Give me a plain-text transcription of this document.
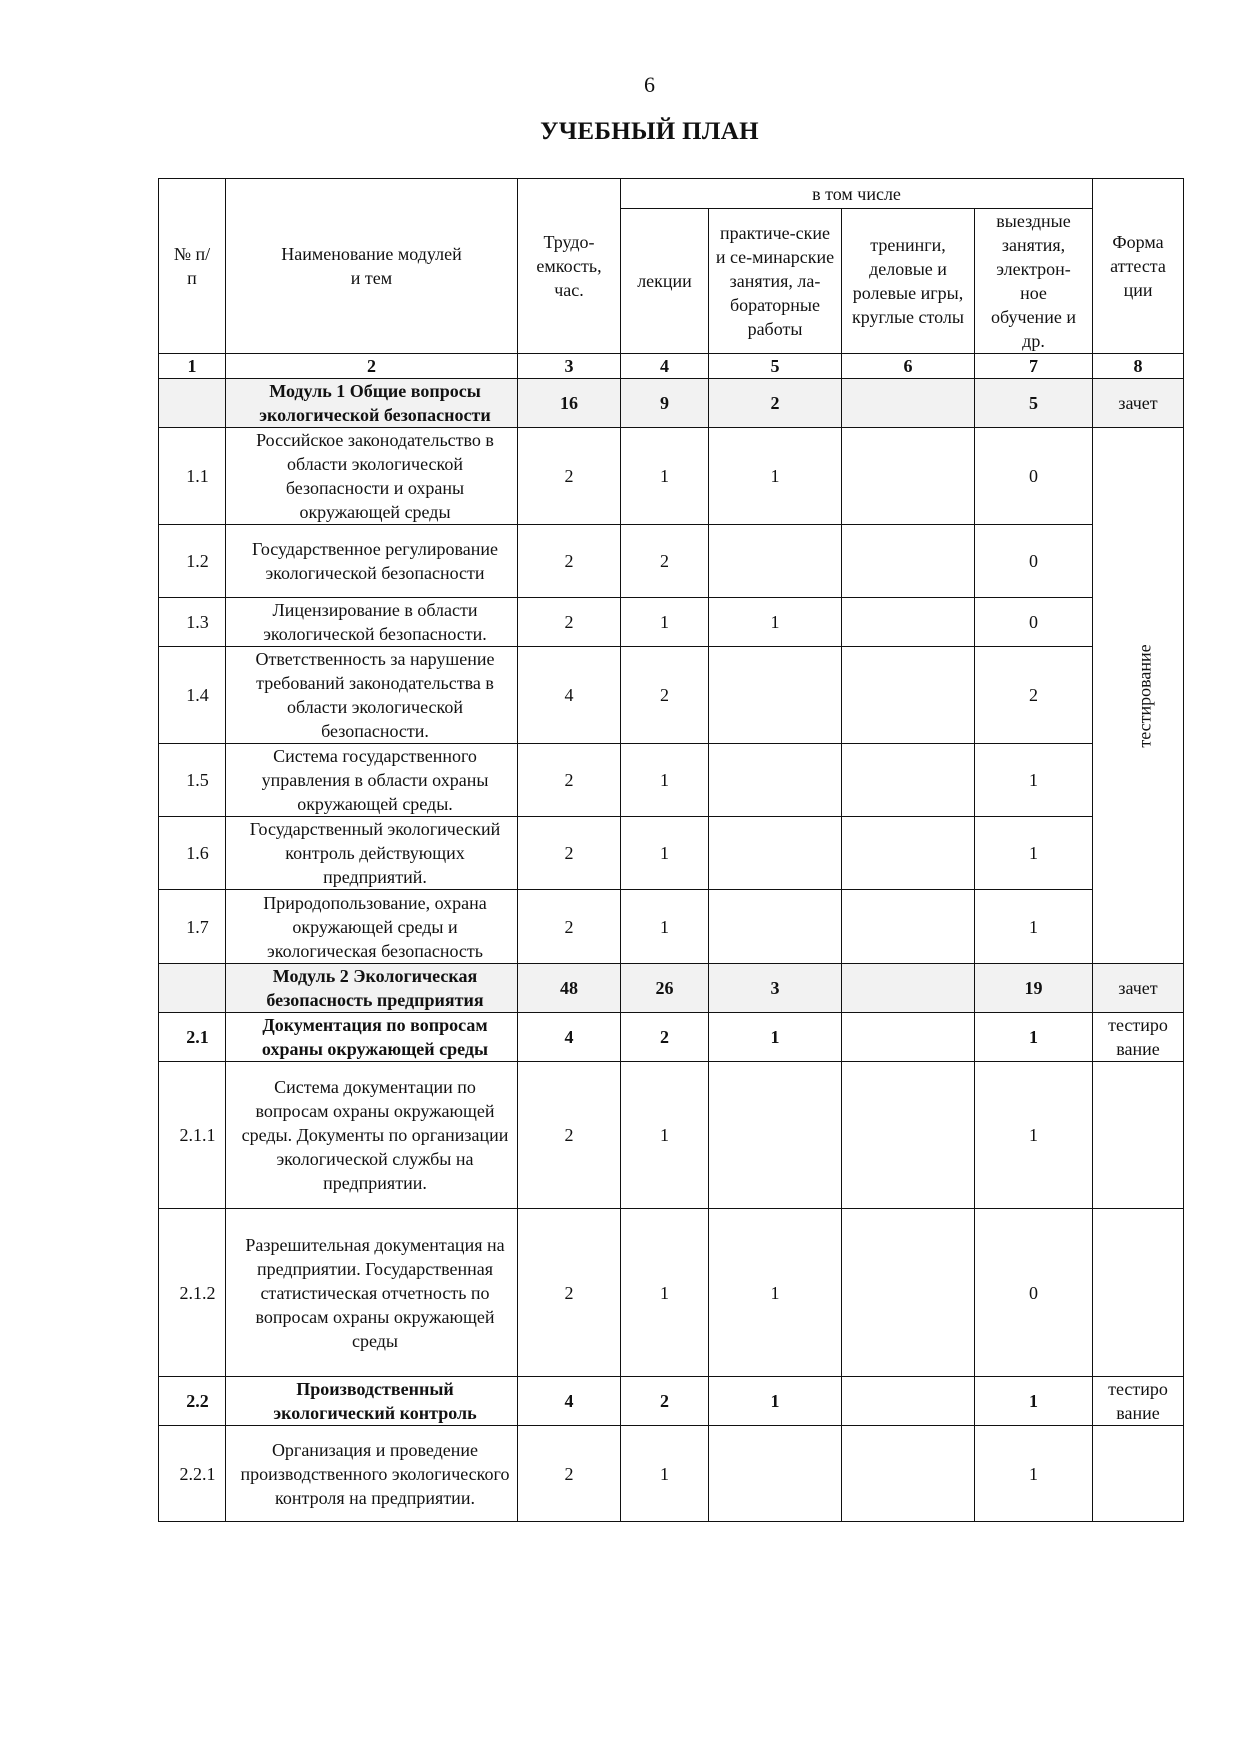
6
УЧЕБНЫЙ ПЛАН
№ п/п	Наименование модулей и тем	Трудо-емкость, час.	в том числе				Форма аттеста ции
			лекции	практиче-ские и се-минарские занятия, ла-бораторные работы	тренинги, деловые и ролевые игры, круглые столы	выездные занятия, электрон-ное обучение и др.	
1	2	3	4	5	6	7	8
	Модуль 1 Общие вопросы экологической безопасности	16	9	2		5	зачет
1.1	Российское законодательство в области экологической безопасности и охраны окружающей среды	2	1	1		0	тестирование
1.2	Государственное регулирование экологической безопасности	2	2			0	
1.3	Лицензирование в области экологической безопасности.	2	1	1		0	
1.4	Ответственность за нарушение требований законодательства в области экологической безопасности.	4	2			2	
1.5	Система государственного управления в области охраны окружающей среды.	2	1			1	
1.6	Государственный экологический контроль действующих предприятий.	2	1			1	
1.7	Природопользование, охрана окружающей среды и экологическая безопасность	2	1			1	
	Модуль 2 Экологическая безопасность предприятия	48	26	3		19	зачет
2.1	Документация по вопросам охраны окружающей среды	4	2	1		1	тестиро вание
2.1.1	Система документации по вопросам охраны окружающей среды. Документы по организации экологической службы на предприятии.	2	1			1	
2.1.2	Разрешительная документация на предприятии. Государственная статистическая отчетность по вопросам охраны окружающей среды	2	1	1		0	
2.2	Производственный экологический контроль	4	2	1		1	тестиро вание
2.2.1	Организация и проведение производственного экологического контроля на предприятии.	2	1			1	
